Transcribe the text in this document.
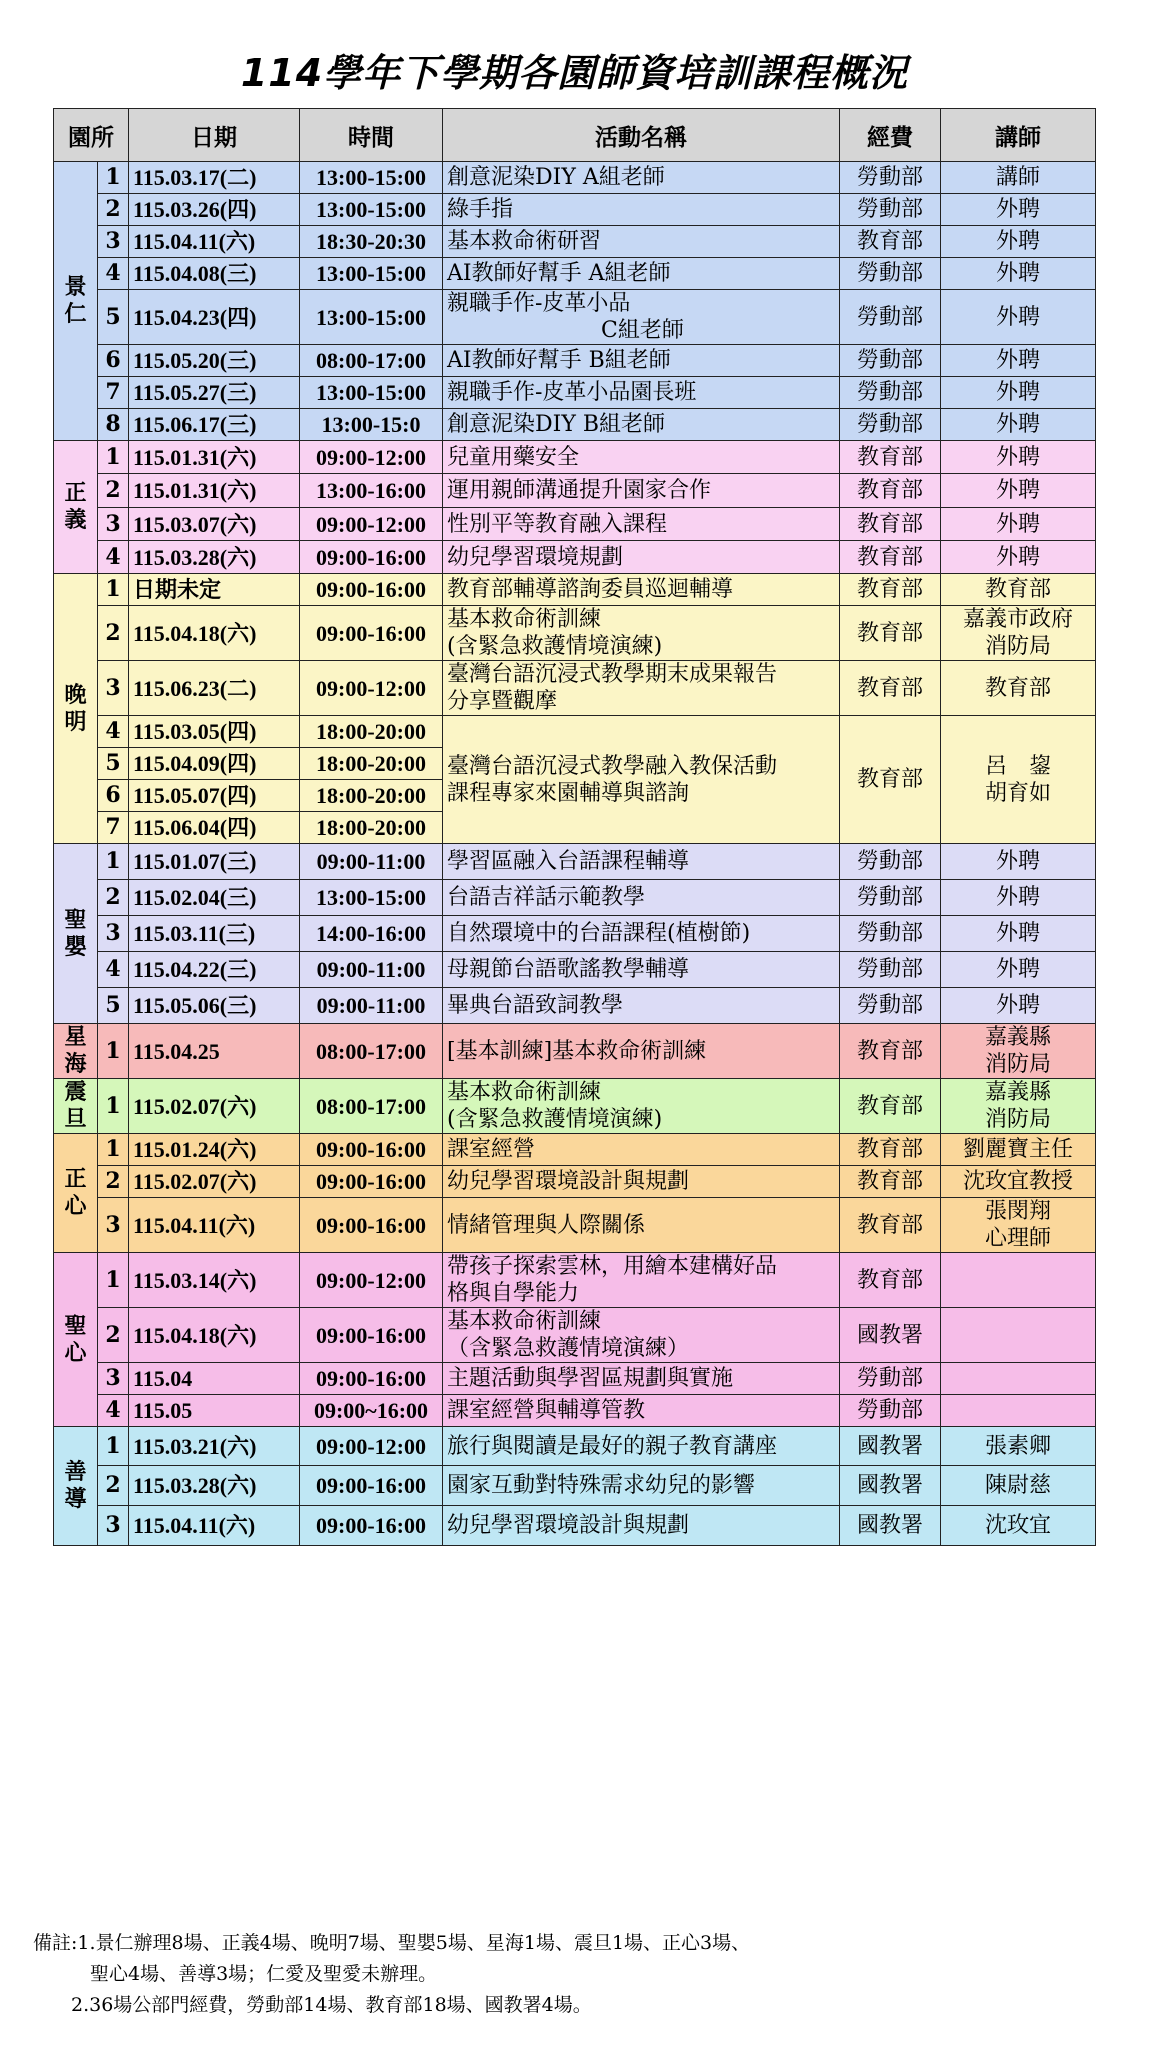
114學年下學期各園師資培訓課程概況
園所		日期	時間	活動名稱	經費	講師
景
仁	1	115.03.17(二)	13:00-15:00	創意泥染DIY A組老師	勞動部	講師
	2	115.03.26(四)	13:00-15:00	綠手指	勞動部	外聘
	3	115.04.11(六)	18:30-20:30	基本救命術研習	教育部	外聘
	4	115.04.08(三)	13:00-15:00	AI教師好幫手 A組老師	勞動部	外聘
	5	115.04.23(四)	13:00-15:00	親職手作-皮革小品
　　　　　　　C組老師	勞動部	外聘
	6	115.05.20(三)	08:00-17:00	AI教師好幫手 B組老師	勞動部	外聘
	7	115.05.27(三)	13:00-15:00	親職手作-皮革小品園長班	勞動部	外聘
	8	115.06.17(三)	13:00-15:0	創意泥染DIY B組老師	勞動部	外聘
正
義	1	115.01.31(六)	09:00-12:00	兒童用藥安全	教育部	外聘
	2	115.01.31(六)	13:00-16:00	運用親師溝通提升園家合作	教育部	外聘
	3	115.03.07(六)	09:00-12:00	性別平等教育融入課程	教育部	外聘
	4	115.03.28(六)	09:00-16:00	幼兒學習環境規劃	教育部	外聘
晚
明	1	日期未定	09:00-16:00	教育部輔導諮詢委員巡迴輔導	教育部	教育部
	2	115.04.18(六)	09:00-16:00	基本救命術訓練
(含緊急救護情境演練)	教育部	嘉義市政府
消防局
	3	115.06.23(二)	09:00-12:00	臺灣台語沉浸式教學期末成果報告
分享暨觀摩	教育部	教育部
	4	115.03.05(四)	18:00-20:00	臺灣台語沉浸式教學融入教保活動
課程專家來園輔導與諮詢	教育部	呂　鋆
胡育如
	5	115.04.09(四)	18:00-20:00			
	6	115.05.07(四)	18:00-20:00			
	7	115.06.04(四)	18:00-20:00			
聖
嬰	1	115.01.07(三)	09:00-11:00	學習區融入台語課程輔導	勞動部	外聘
	2	115.02.04(三)	13:00-15:00	台語吉祥話示範教學	勞動部	外聘
	3	115.03.11(三)	14:00-16:00	自然環境中的台語課程(植樹節)	勞動部	外聘
	4	115.04.22(三)	09:00-11:00	母親節台語歌謠教學輔導	勞動部	外聘
	5	115.05.06(三)	09:00-11:00	畢典台語致詞教學	勞動部	外聘
星
海	1	115.04.25	08:00-17:00	[基本訓練]基本救命術訓練	教育部	嘉義縣
消防局
震
旦	1	115.02.07(六)	08:00-17:00	基本救命術訓練
(含緊急救護情境演練)	教育部	嘉義縣
消防局
正
心	1	115.01.24(六)	09:00-16:00	課室經營	教育部	劉麗寶主任
	2	115.02.07(六)	09:00-16:00	幼兒學習環境設計與規劃	教育部	沈玫宜教授
	3	115.04.11(六)	09:00-16:00	情緒管理與人際關係	教育部	張閔翔
心理師
聖
心	1	115.03.14(六)	09:00-12:00	帶孩子探索雲林，用繪本建構好品
格與自學能力	教育部	
	2	115.04.18(六)	09:00-16:00	基本救命術訓練
（含緊急救護情境演練）	國教署	
	3	115.04	09:00-16:00	主題活動與學習區規劃與實施	勞動部	
	4	115.05	09:00~16:00	課室經營與輔導管教	勞動部	
善
導	1	115.03.21(六)	09:00-12:00	旅行與閱讀是最好的親子教育講座	國教署	張素卿
	2	115.03.28(六)	09:00-16:00	園家互動對特殊需求幼兒的影響	國教署	陳尉慈
	3	115.04.11(六)	09:00-16:00	幼兒學習環境設計與規劃	國教署	沈玫宜
備註:1.景仁辦理8場、正義4場、晚明7場、聖嬰5場、星海1場、震旦1場、正心3場、
　　　聖心4場、善導3場；仁愛及聖愛未辦理。
　　2.36場公部門經費，勞動部14場、教育部18場、國教署4場。
